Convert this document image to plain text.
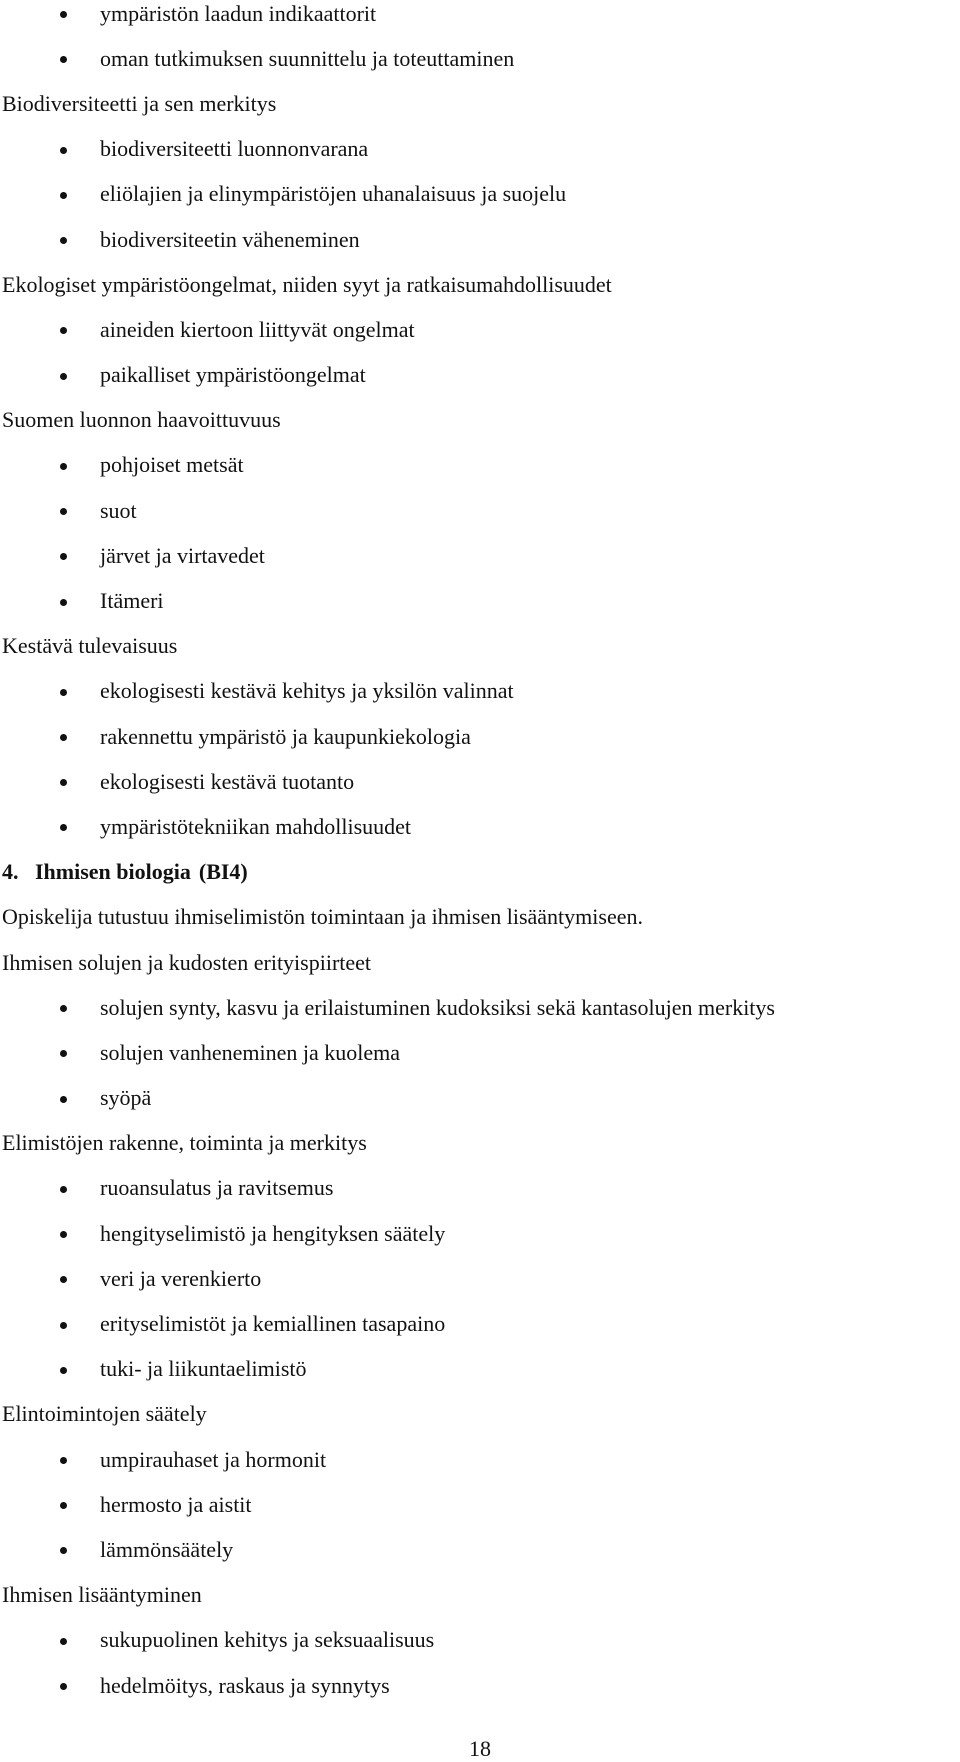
ympäristön laadun indikaattorit
oman tutkimuksen suunnittelu ja toteuttaminen
Biodiversiteetti ja sen merkitys
biodiversiteetti luonnonvarana
eliölajien ja elinympäristöjen uhanalaisuus ja suojelu
biodiversiteetin väheneminen
Ekologiset ympäristöongelmat, niiden syyt ja ratkaisumahdollisuudet
aineiden kiertoon liittyvät ongelmat
paikalliset ympäristöongelmat
Suomen luonnon haavoittuvuus
pohjoiset metsät
suot
järvet ja virtavedet
Itämeri
Kestävä tulevaisuus
ekologisesti kestävä kehitys ja yksilön valinnat
rakennettu ympäristö ja kaupunkiekologia
ekologisesti kestävä tuotanto
ympäristötekniikan mahdollisuudet
4. Ihmisen biologia (BI4)
Opiskelija tutustuu ihmiselimistön toimintaan ja ihmisen lisääntymiseen.
Ihmisen solujen ja kudosten erityispiirteet
solujen synty, kasvu ja erilaistuminen kudoksiksi sekä kantasolujen merkitys
solujen vanheneminen ja kuolema
syöpä
Elimistöjen rakenne, toiminta ja merkitys
ruoansulatus ja ravitsemus
hengityselimistö ja hengityksen säätely
veri ja verenkierto
erityselimistöt ja kemiallinen tasapaino
tuki- ja liikuntaelimistö
Elintoimintojen säätely
umpirauhaset ja hormonit
hermosto ja aistit
lämmönsäätely
Ihmisen lisääntyminen
sukupuolinen kehitys ja seksuaalisuus
hedelmöitys, raskaus ja synnytys
18
